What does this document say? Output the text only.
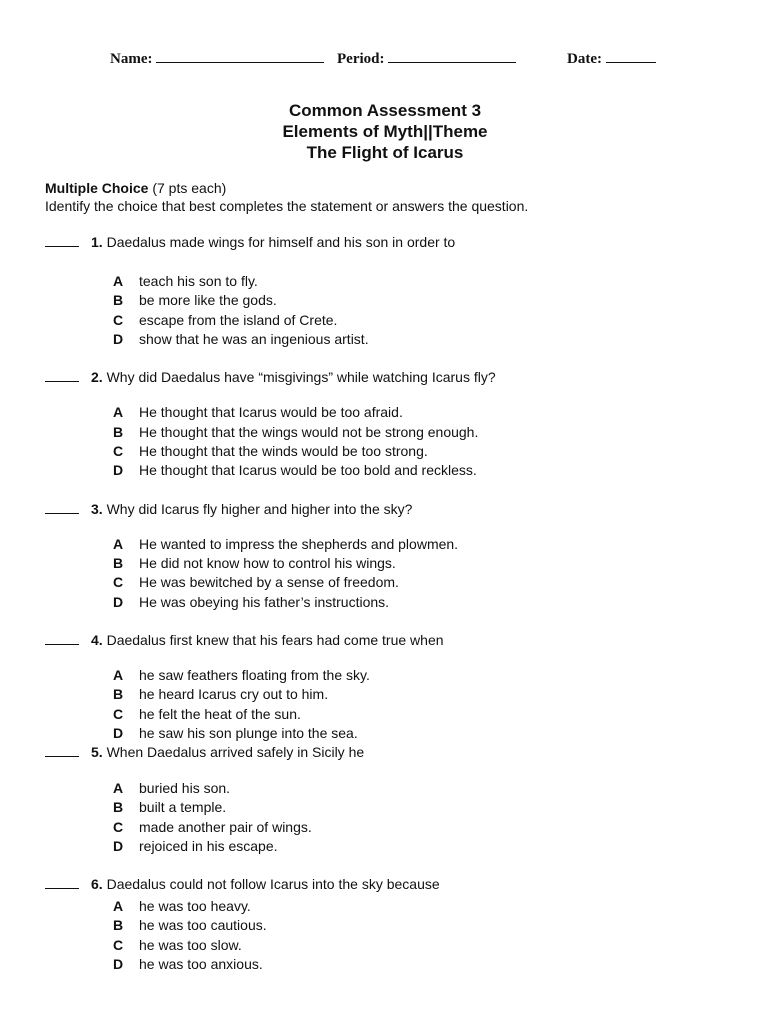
Name:	Period:	Date:
Common Assessment 3
Elements of Myth||Theme
The Flight of Icarus
Multiple Choice (7 pts each)
Identify the choice that best completes the statement or answers the question.
1. Daedalus made wings for himself and his son in order to
A teach his son to fly.
B be more like the gods.
C escape from the island of Crete.
D show that he was an ingenious artist.
2. Why did Daedalus have “misgivings” while watching Icarus fly?
A He thought that Icarus would be too afraid.
B He thought that the wings would not be strong enough.
C He thought that the winds would be too strong.
D He thought that Icarus would be too bold and reckless.
3. Why did Icarus fly higher and higher into the sky?
A He wanted to impress the shepherds and plowmen.
B He did not know how to control his wings.
C He was bewitched by a sense of freedom.
D He was obeying his father’s instructions.
4. Daedalus first knew that his fears had come true when
A he saw feathers floating from the sky.
B he heard Icarus cry out to him.
C he felt the heat of the sun.
D he saw his son plunge into the sea.
5. When Daedalus arrived safely in Sicily he
A buried his son.
B built a temple.
C made another pair of wings.
D rejoiced in his escape.
6. Daedalus could not follow Icarus into the sky because
A he was too heavy.
B he was too cautious.
C he was too slow.
D he was too anxious.
